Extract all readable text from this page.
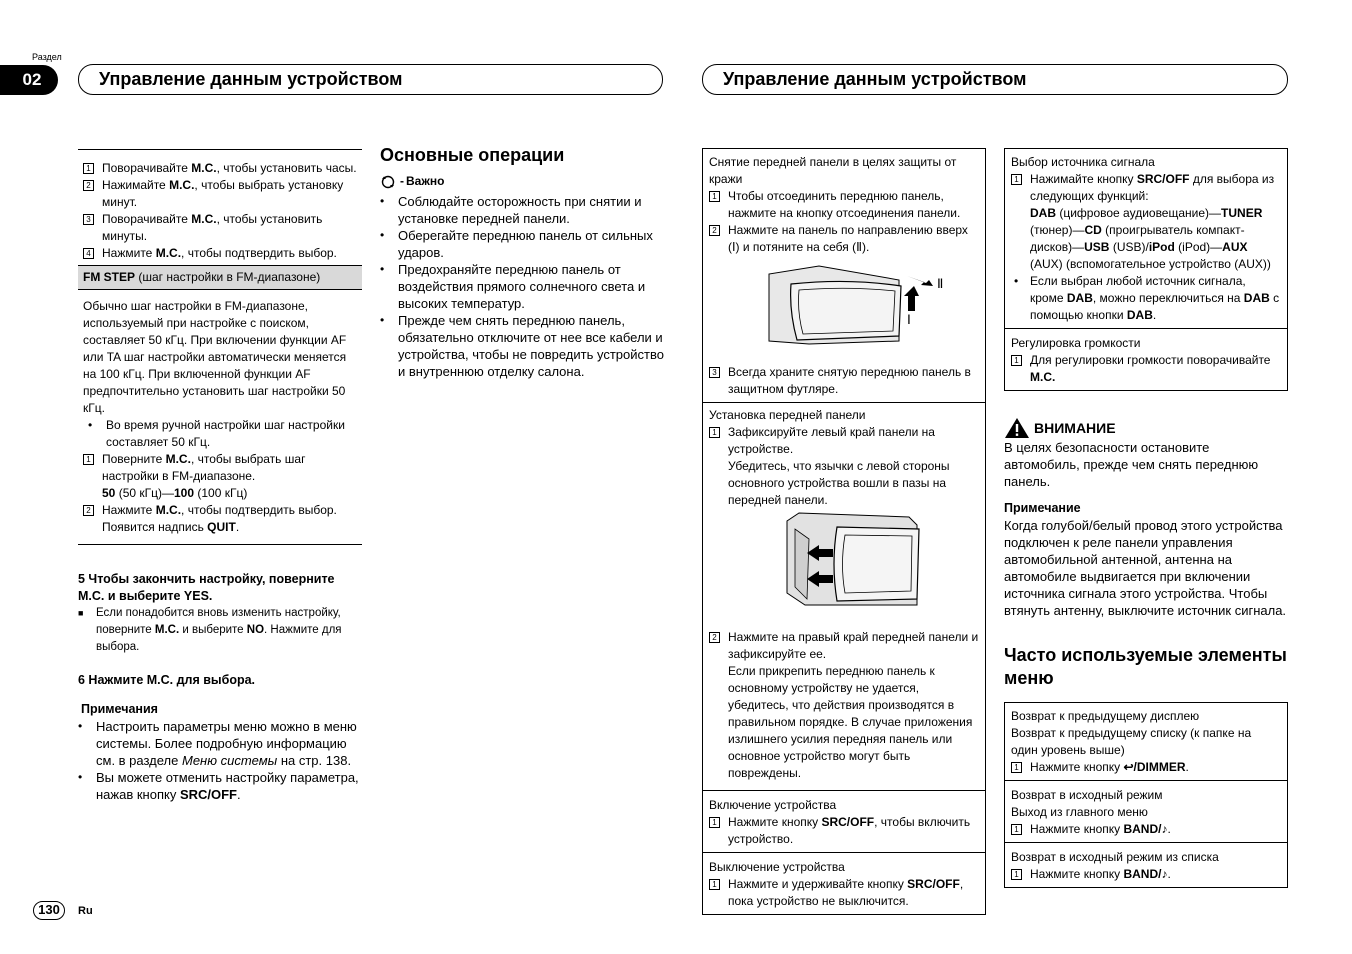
Раздел
02	Управление данным устройством	Управление данным устройством
1 Поворачивайте M.C., чтобы установить часы.
2 Нажимайте M.C., чтобы выбрать установку минут.
3 Поворачивайте M.C., чтобы установить минуты.
4 Нажмите M.C., чтобы подтвердить выбор.
FM STEP (шаг настройки в FM-диапазоне)
Обычно шаг настройки в FM-диапазоне, используемый при настройке с поиском, составляет 50 кГц. При включении функции AF или TA шаг настройки автоматически меняется на 100 кГц. При включенной функции AF предпочтительно установить шаг настройки 50 кГц.
•	Во время ручной настройки шаг настройки составляет 50 кГц.
1 Поверните M.C., чтобы выбрать шаг настройки в FM-диапазоне.
50 (50 кГц)—100 (100 кГц)
2 Нажмите M.C., чтобы подтвердить выбор. Появится надпись QUIT.
5 Чтобы закончить настройку, поверните M.C. и выберите YES.
■	Если понадобится вновь изменить настройку, поверните M.C. и выберите NO. Нажмите для выбора.
6 Нажмите M.C. для выбора.
Примечания
•	Настроить параметры меню можно в меню системы. Более подробную информацию см. в разделе Меню системы на стр. 138.
•	Вы можете отменить настройку параметра, нажав кнопку SRC/OFF.
Основные операции
- Важно
•	Соблюдайте осторожность при снятии и установке передней панели.
•	Оберегайте переднюю панель от сильных ударов.
•	Предохраняйте переднюю панель от воздействия прямого солнечного света и высоких температур.
•	Прежде чем снять переднюю панель, обязательно отключите от нее все кабели и устройства, чтобы не повредить устройство и внутреннюю отделку салона.
Снятие передней панели в целях защиты от кражи
1 Чтобы отсоединить переднюю панель, нажмите на кнопку отсоединения панели.
2 Нажмите на панель по направлению вверх (Ⅰ) и потяните на себя (Ⅱ).
Ⅱ
Ⅰ
3 Всегда храните снятую переднюю панель в защитном футляре.
Установка передней панели
1 Зафиксируйте левый край панели на устройстве.
Убедитесь, что язычки с левой стороны основного устройства вошли в пазы на передней панели.
2 Нажмите на правый край передней панели и зафиксируйте ее.
Если прикрепить переднюю панель к основному устройству не удается, убедитесь, что действия производятся в правильном порядке. В случае приложения излишнего усилия передняя панель или основное устройство могут быть повреждены.
Включение устройства
1 Нажмите кнопку SRC/OFF, чтобы включить устройство.
Выключение устройства
1 Нажмите и удерживайте кнопку SRC/OFF, пока устройство не выключится.
Выбор источника сигнала
1 Нажимайте кнопку SRC/OFF для выбора из следующих функций:
DAB (цифровое аудиовещание)—TUNER (тюнер)—CD (проигрыватель компакт-дисков)—USB (USB)/iPod (iPod)—AUX (AUX) (вспомогательное устройство (AUX))
• Если выбран любой источник сигнала, кроме DAB, можно переключиться на DAB с помощью кнопки DAB.
Регулировка громкости
1 Для регулировки громкости поворачивайте M.C.
ВНИМАНИЕ
В целях безопасности остановите автомобиль, прежде чем снять переднюю панель.
Примечание
Когда голубой/белый провод этого устройства подключен к реле панели управления автомобильной антенной, антенна на автомобиле выдвигается при включении источника сигнала этого устройства. Чтобы втянуть антенну, выключите источник сигнала.
Часто используемые элементы меню
Возврат к предыдущему дисплею
Возврат к предыдущему списку (к папке на один уровень выше)
1 Нажмите кнопку ↩/DIMMER.
Возврат в исходный режим
Выход из главного меню
1 Нажмите кнопку BAND/♪.
Возврат в исходный режим из списка
1 Нажмите кнопку BAND/♪.
130	Ru
